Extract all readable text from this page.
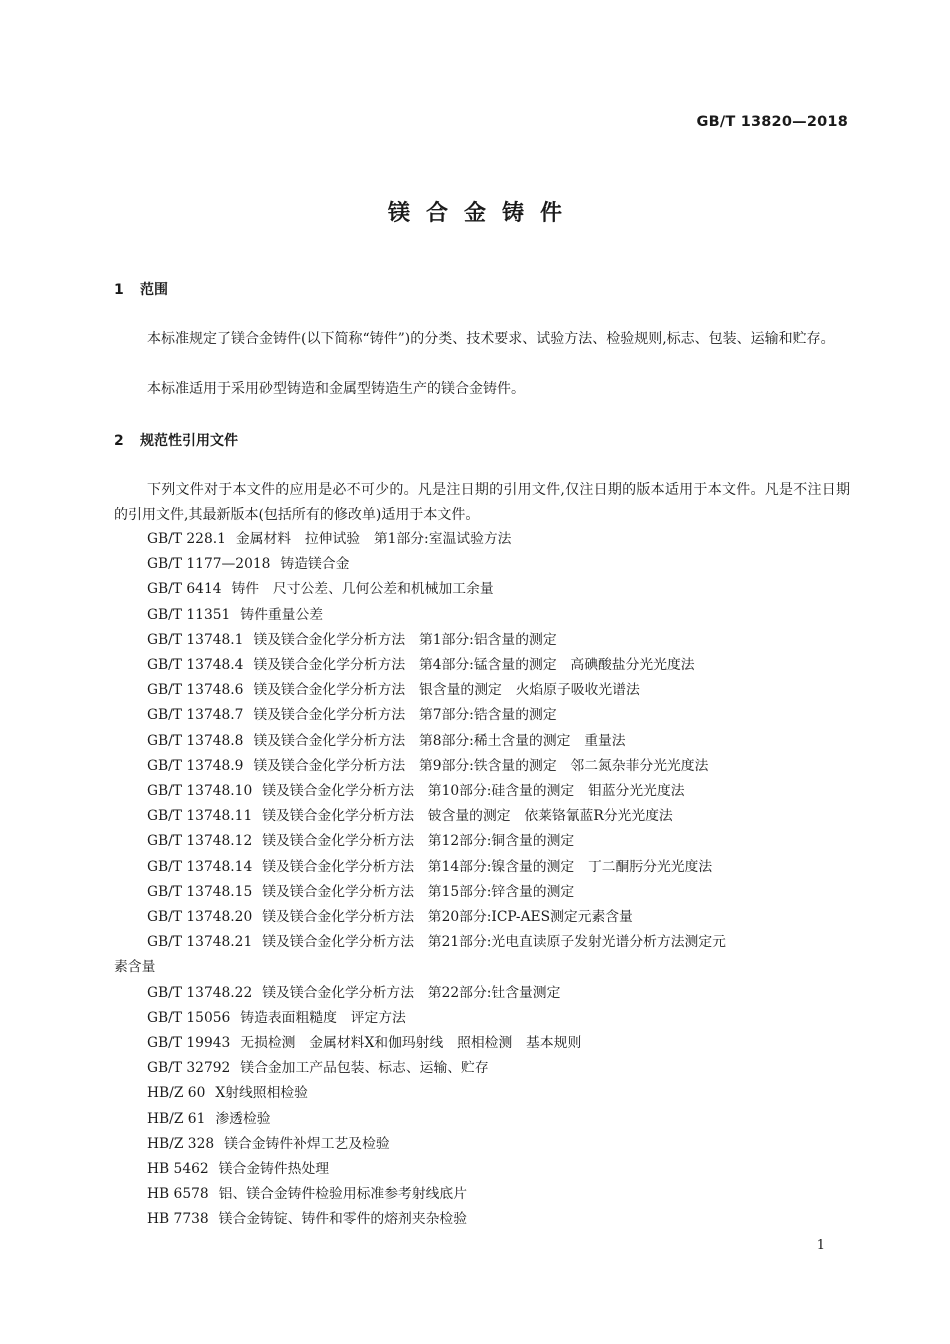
GB/T 13820—2018
镁合金铸件
1 范围

本标准规定了镁合金铸件(以下简称“铸件”)的分类、技术要求、试验方法、检验规则,标志、包装、运输和贮存。

本标准适用于采用砂型铸造和金属型铸造生产的镁合金铸件。

2 规范性引用文件

下列文件对于本文件的应用是必不可少的。凡是注日期的引用文件,仅注日期的版本适用于本文件。凡是不注日期的引用文件,其最新版本(包括所有的修改单)适用于本文件。

GB/T 228.1 金属材料　拉伸试验　第1部分:室温试验方法
GB/T 1177—2018 铸造镁合金
GB/T 6414 铸件　尺寸公差、几何公差和机械加工余量
GB/T 11351 铸件重量公差
GB/T 13748.1 镁及镁合金化学分析方法　第1部分:铝含量的测定
GB/T 13748.4 镁及镁合金化学分析方法　第4部分:锰含量的测定　高碘酸盐分光光度法
GB/T 13748.6 镁及镁合金化学分析方法　银含量的测定　火焰原子吸收光谱法
GB/T 13748.7 镁及镁合金化学分析方法　第7部分:锆含量的测定
GB/T 13748.8 镁及镁合金化学分析方法　第8部分:稀土含量的测定　重量法
GB/T 13748.9 镁及镁合金化学分析方法　第9部分:铁含量的测定　邻二氮杂菲分光光度法
GB/T 13748.10 镁及镁合金化学分析方法　第10部分:硅含量的测定　钼蓝分光光度法
GB/T 13748.11 镁及镁合金化学分析方法　铍含量的测定　依莱铬氰蓝R分光光度法
GB/T 13748.12 镁及镁合金化学分析方法　第12部分:铜含量的测定
GB/T 13748.14 镁及镁合金化学分析方法　第14部分:镍含量的测定　丁二酮肟分光光度法
GB/T 13748.15 镁及镁合金化学分析方法　第15部分:锌含量的测定
GB/T 13748.20 镁及镁合金化学分析方法　第20部分:ICP-AES测定元素含量
GB/T 13748.21 镁及镁合金化学分析方法　第21部分:光电直读原子发射光谱分析方法测定元
素含量
GB/T 13748.22 镁及镁合金化学分析方法　第22部分:钍含量测定
GB/T 15056 铸造表面粗糙度　评定方法
GB/T 19943 无损检测　金属材料X和伽玛射线　照相检测　基本规则
GB/T 32792 镁合金加工产品包装、标志、运输、贮存
HB/Z 60 X射线照相检验
HB/Z 61 渗透检验
HB/Z 328 镁合金铸件补焊工艺及检验
HB 5462 镁合金铸件热处理
HB 6578 铝、镁合金铸件检验用标准参考射线底片
HB 7738 镁合金铸锭、铸件和零件的熔剂夹杂检验
1
